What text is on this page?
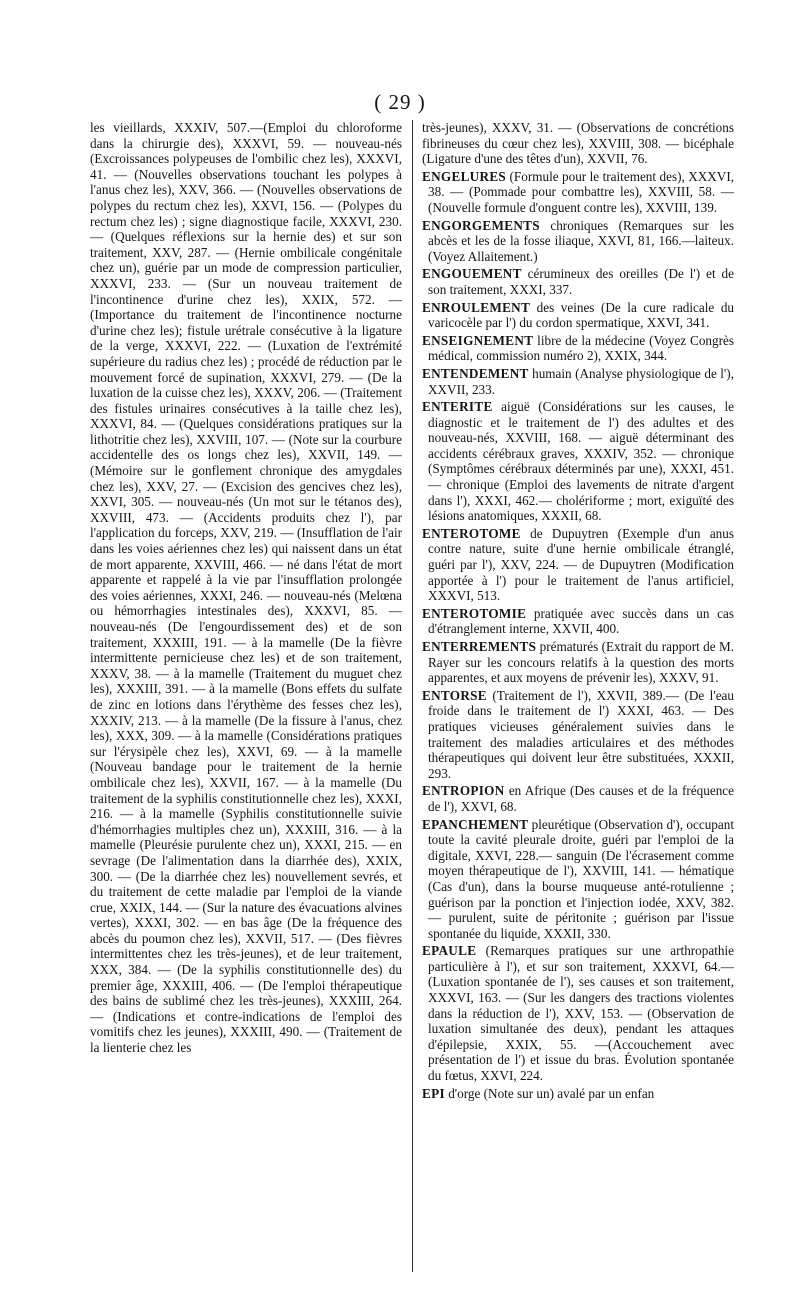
( 29 )

les vieillards, XXXIV, 507.—(Emploi du chloroforme dans la chirurgie des), XXXVI, 59. — nouveau-nés (Excroissances polypeuses de l'ombilic chez les), XXXVI, 41. — (Nouvelles observations touchant les polypes à l'anus chez les), XXV, 366. — (Nouvelles observations de polypes du rectum chez les), XXVI, 156. — (Polypes du rectum chez les) ; signe diagnostique facile, XXXVI, 230. — (Quelques réflexions sur la hernie des) et sur son traitement, XXV, 287. — (Hernie ombilicale congénitale chez un), guérie par un mode de compression particulier, XXXVI, 233. — (Sur un nouveau traitement de l'incontinence d'urine chez les), XXIX, 572. — (Importance du traitement de l'incontinence nocturne d'urine chez les); fistule urétrale consécutive à la ligature de la verge, XXXVI, 222. — (Luxation de l'extrémité supérieure du radius chez les) ; procédé de réduction par le mouvement forcé de supination, XXXVI, 279. — (De la luxation de la cuisse chez les), XXXV, 206. — (Traitement des fistules urinaires consécutives à la taille chez les), XXXVI, 84. — (Quelques considérations pratiques sur la lithotritie chez les), XXVIII, 107. — (Note sur la courbure accidentelle des os longs chez les), XXVII, 149. — (Mémoire sur le gonflement chronique des amygdales chez les), XXV, 27. — (Excision des gencives chez les), XXVI, 305. — nouveau-nés (Un mot sur le tétanos des), XXVIII, 473. — (Accidents produits chez l'), par l'application du forceps, XXV, 219. — (Insufflation de l'air dans les voies aériennes chez les) qui naissent dans un état de mort apparente, XXVIII, 466. — né dans l'état de mort apparente et rappelé à la vie par l'insufflation prolongée des voies aériennes, XXXI, 246. — nouveau-nés (Melœna ou hémorrhagies intestinales des), XXXVI, 85. — nouveau-nés (De l'engourdissement des) et de son traitement, XXXIII, 191. — à la mamelle (De la fièvre intermittente pernicieuse chez les) et de son traitement, XXXV, 38. — à la mamelle (Traitement du muguet chez les), XXXIII, 391. — à la mamelle (Bons effets du sulfate de zinc en lotions dans l'érythème des fesses chez les), XXXIV, 213. — à la mamelle (De la fissure à l'anus, chez les), XXX, 309. — à la mamelle (Considérations pratiques sur l'érysipèle chez les), XXVI, 69. — à la mamelle (Nouveau bandage pour le traitement de la hernie ombilicale chez les), XXVII, 167. — à la mamelle (Du traitement de la syphilis constitutionnelle chez les), XXXI, 216. — à la mamelle (Syphilis constitutionnelle suivie d'hémorrhagies multiples chez un), XXXIII, 316. — à la mamelle (Pleurésie purulente chez un), XXXI, 215. — en sevrage (De l'alimentation dans la diarrhée des), XXIX, 300. — (De la diarrhée chez les) nouvellement sevrés, et du traitement de cette maladie par l'emploi de la viande crue, XXIX, 144. — (Sur la nature des évacuations alvines vertes), XXXI, 302. — en bas âge (De la fréquence des abcès du poumon chez les), XXVII, 517. — (Des fièvres intermittentes chez les très-jeunes), et de leur traitement, XXX, 384. — (De la syphilis constitutionnelle des) du premier âge, XXXIII, 406. — (De l'emploi thérapeutique des bains de sublimé chez les très-jeunes), XXXIII, 264. — (Indications et contre-indications de l'emploi des vomitifs chez les jeunes), XXXIII, 490. — (Traitement de la lienterie chez les

très-jeunes), XXXV, 31. — (Observations de concrétions fibrineuses du cœur chez les), XXVIII, 308. — bicéphale (Ligature d'une des têtes d'un), XXVII, 76.

ENGELURES (Formule pour le traitement des), XXXVI, 38. — (Pommade pour combattre les), XXVIII, 58. — (Nouvelle formule d'onguent contre les), XXVIII, 139.

ENGORGEMENTS chroniques (Remarques sur les abcès et les de la fosse iliaque, XXVI, 81, 166.—laiteux. (Voyez Allaitement.)

ENGOUEMENT cérumineux des oreilles (De l') et de son traitement, XXXI, 337.

ENROULEMENT des veines (De la cure radicale du varicocèle par l') du cordon spermatique, XXVI, 341.

ENSEIGNEMENT libre de la médecine (Voyez Congrès médical, commission numéro 2), XXIX, 344.

ENTENDEMENT humain (Analyse physiologique de l'), XXVII, 233.

ENTERITE aiguë (Considérations sur les causes, le diagnostic et le traitement de l') des adultes et des nouveau-nés, XXVIII, 168. — aiguë déterminant des accidents cérébraux graves, XXXIV, 352. — chronique (Symptômes cérébraux déterminés par une), XXXI, 451. — chronique (Emploi des lavements de nitrate d'argent dans l'), XXXI, 462.— cholériforme ; mort, exiguïté des lésions anatomiques, XXXII, 68.

ENTEROTOME de Dupuytren (Exemple d'un anus contre nature, suite d'une hernie ombilicale étranglé, guéri par l'), XXV, 224. — de Dupuytren (Modification apportée à l') pour le traitement de l'anus artificiel, XXXVI, 513.

ENTEROTOMIE pratiquée avec succès dans un cas d'étranglement interne, XXVII, 400.

ENTERREMENTS prématurés (Extrait du rapport de M. Rayer sur les concours relatifs à la question des morts apparentes, et aux moyens de prévenir les), XXXV, 91.

ENTORSE (Traitement de l'), XXVII, 389.— (De l'eau froide dans le traitement de l') XXXI, 463. — Des pratiques vicieuses généralement suivies dans le traitement des maladies articulaires et des méthodes thérapeutiques qui doivent leur être substituées, XXXII, 293.

ENTROPION en Afrique (Des causes et de la fréquence de l'), XXVI, 68.

EPANCHEMENT pleurétique (Observation d'), occupant toute la cavité pleurale droite, guéri par l'emploi de la digitale, XXVI, 228.— sanguin (De l'écrasement comme moyen thérapeutique de l'), XXVIII, 141. — hématique (Cas d'un), dans la bourse muqueuse anté-rotulienne ; guérison par la ponction et l'injection iodée, XXV, 382. — purulent, suite de péritonite ; guérison par l'issue spontanée du liquide, XXXII, 330.

EPAULE (Remarques pratiques sur une arthropathie particulière à l'), et sur son traitement, XXXVI, 64.—(Luxation spontanée de l'), ses causes et son traitement, XXXVI, 163. — (Sur les dangers des tractions violentes dans la réduction de l'), XXV, 153. — (Observation de luxation simultanée des deux), pendant les attaques d'épilepsie, XXIX, 55. —(Accouchement avec présentation de l') et issue du bras. Évolution spontanée du fœtus, XXVI, 224.

EPI d'orge (Note sur un) avalé par un enfan
